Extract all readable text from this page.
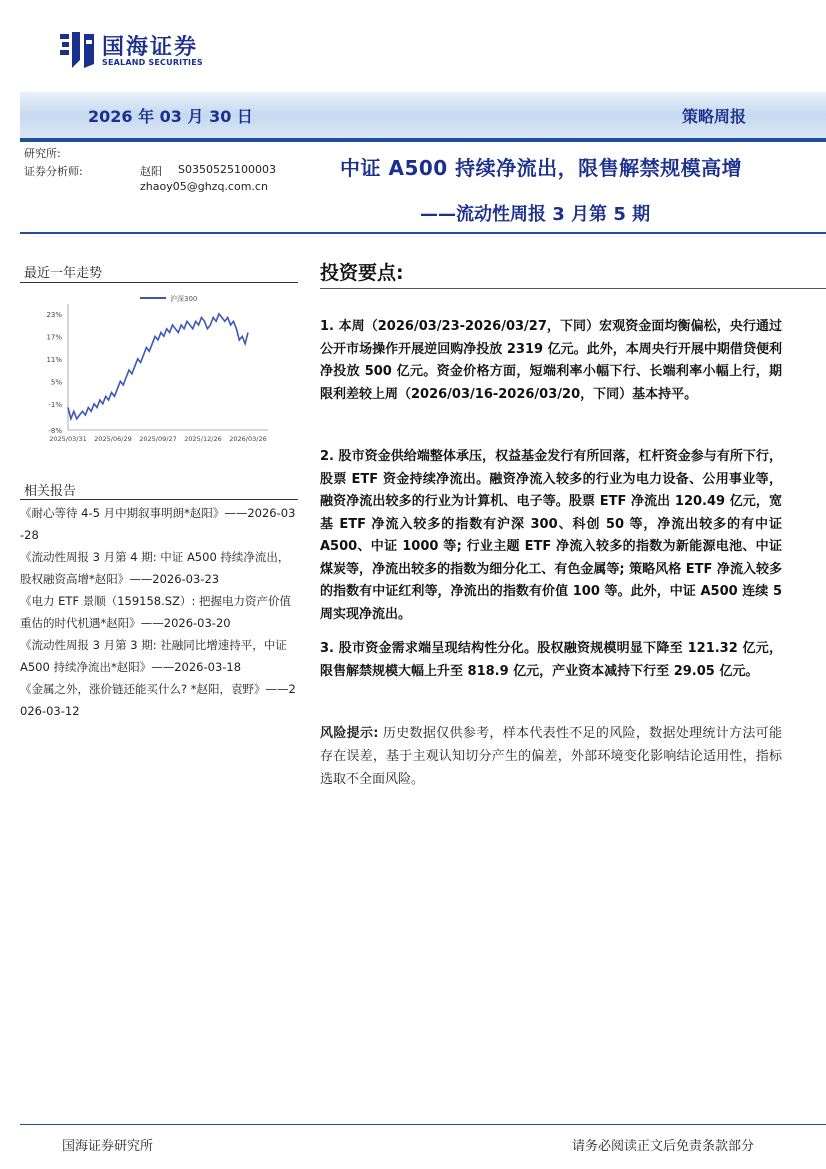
国海证券
SEALAND SECURITIES
2026 年 03 月 30 日	策略周报
研究所:
证券分析师:	赵阳 S0350525100003
zhaoy05@ghzq.com.cn
中证 A500 持续净流出，限售解禁规模高增
——流动性周报 3 月第 5 期
最近一年走势
23%
17%
11%
5%
-1%
-8%
2025/03/31 2025/06/29 2025/09/27 2025/12/26 2026/03/26
沪深300
相关报告
《耐心等待 4-5 月中期叙事明朗*赵阳》——2026-03-28
《流动性周报 3 月第 4 期: 中证 A500 持续净流出，股权融资高增*赵阳》——2026-03-23
《电力 ETF 景顺（159158.SZ）: 把握电力资产价值重估的时代机遇*赵阳》——2026-03-20
《流动性周报 3 月第 3 期: 社融同比增速持平，中证 A500 持续净流出*赵阳》——2026-03-18
《金属之外，涨价链还能买什么? *赵阳，袁野》——2026-03-12
投资要点:
1. 本周（2026/03/23-2026/03/27，下同）宏观资金面均衡偏松，央行通过公开市场操作开展逆回购净投放 2319 亿元。此外，本周央行开展中期借贷便利净投放 500 亿元。资金价格方面，短端利率小幅下行、长端利率小幅上行，期限利差较上周（2026/03/16-2026/03/20，下同）基本持平。
2. 股市资金供给端整体承压，权益基金发行有所回落，杠杆资金参与有所下行，股票 ETF 资金持续净流出。融资净流入较多的行业为电力设备、公用事业等，融资净流出较多的行业为计算机、电子等。股票 ETF 净流出 120.49 亿元，宽基 ETF 净流入较多的指数有沪深 300、科创 50 等，净流出较多的有中证 A500、中证 1000 等; 行业主题 ETF 净流入较多的指数为新能源电池、中证煤炭等，净流出较多的指数为细分化工、有色金属等; 策略风格 ETF 净流入较多的指数有中证红利等，净流出的指数有价值 100 等。此外，中证 A500 连续 5 周实现净流出。
3. 股市资金需求端呈现结构性分化。股权融资规模明显下降至 121.32 亿元，限售解禁规模大幅上升至 818.9 亿元，产业资本减持下行至 29.05 亿元。
风险提示: 历史数据仅供参考，样本代表性不足的风险，数据处理统计方法可能存在误差，基于主观认知切分产生的偏差，外部环境变化影响结论适用性，指标选取不全面风险。
国海证券研究所	请务必阅读正文后免责条款部分
